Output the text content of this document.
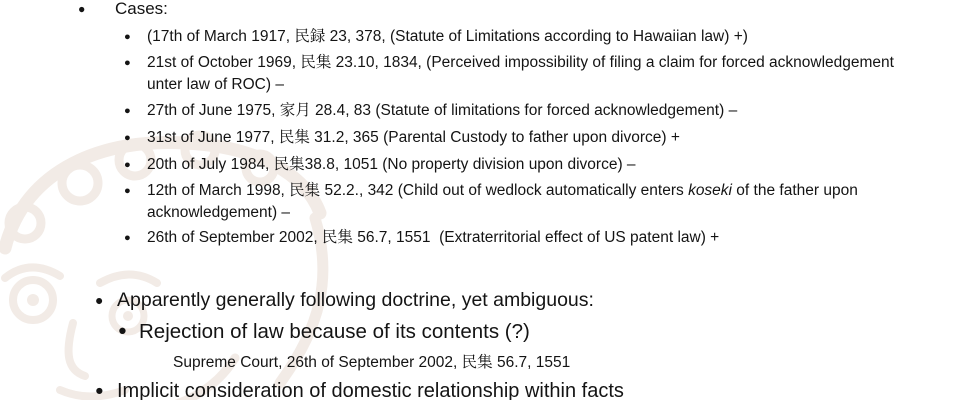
● Cases:
● (17th of March 1917, 民録 23, 378, (Statute of Limitations according to Hawaiian law) +)
● 21st of October 1969, 民集 23.10, 1834, (Perceived impossibility of filing a claim for forced acknowledgement
unter law of ROC) –
● 27th of June 1975, 家月 28.4, 83 (Statute of limitations for forced acknowledgement) –
● 31st of June 1977, 民集 31.2, 365 (Parental Custody to father upon divorce) +
● 20th of July 1984, 民集38.8, 1051 (No property division upon divorce) –
● 12th of March 1998, 民集 52.2., 342 (Child out of wedlock automatically enters koseki of the father upon
acknowledgement) –
● 26th of September 2002, 民集 56.7, 1551  (Extraterritorial effect of US patent law) +
● Apparently generally following doctrine, yet ambiguous:
● Rejection of law because of its contents (?)
Supreme Court, 26th of September 2002, 民集 56.7, 1551
● Implicit consideration of domestic relationship within facts
